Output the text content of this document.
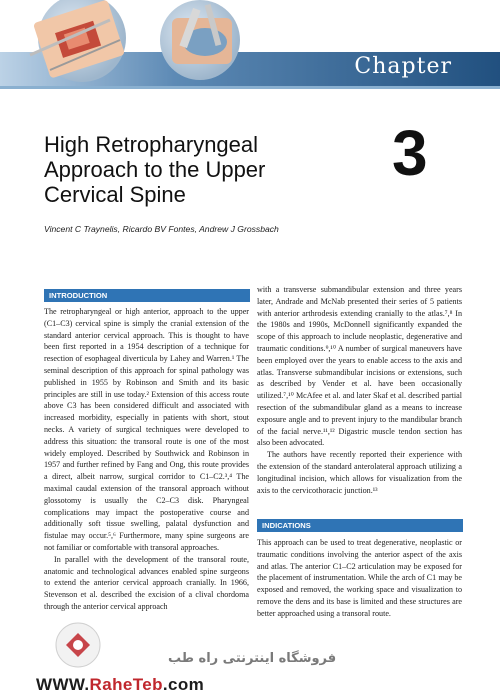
Chapter
High Retropharyngeal
Approach to the Upper
Cervical Spine
3
Vincent C Traynelis, Ricardo BV Fontes, Andrew J Grossbach
INTRODUCTION

The retropharyngeal or high anterior, approach to the upper (C1–C3) cervical spine is simply the cranial extension of the standard anterior cervical approach. This is thought to have been first reported in a 1954 description of a technique for resection of esophageal diverticula by Lahey and Warren.¹ The seminal description of this approach for spinal pathology was published in 1955 by Robinson and Smith and its basic principles are still in use today.² Extension of this access route above C3 has been considered difficult and associated with increased morbidity, especially in patients with short, stout necks. A variety of surgical techniques were developed to address this situation: the transoral route is one of the most widely employed. Described by Southwick and Robinson in 1957 and further refined by Fang and Ong, this route provides a direct, albeit narrow, surgical corridor to C1–C2.³,⁴ The maximal caudal extension of the transoral approach without glossotomy is usually the C2–C3 disk. Pharyngeal complications may impact the postoperative course and additionally soft tissue swelling, palatal dysfunction and fistulae may occur.⁵,⁶ Furthermore, many spine surgeons are not familiar or comfortable with transoral approaches.

In parallel with the development of the transoral route, anatomic and technological advances enabled spine surgeons to extend the anterior cervical approach cranially. In 1966, Stevenson et al. described the excision of a clival chordoma through the anterior cervical approach

with a transverse submandibular extension and three years later, Andrade and McNab presented their series of 5 patients with anterior arthrodesis extending cranially to the atlas.⁷,⁸ In the 1980s and 1990s, McDonnell significantly expanded the scope of this approach to include neoplastic, degenerative and traumatic conditions.⁹,¹⁰ A number of surgical maneuvers have been employed over the years to enable access to the axis and atlas. Transverse submandibular incisions or extensions, such as described by Vender et al. have been occasionally utilized.⁷,¹⁰ McAfee et al. and later Skaf et al. described partial resection of the submandibular gland as a means to increase exposure angle and to prevent injury to the mandibular branch of the facial nerve.¹¹,¹² Digastric muscle tendon section has also been advocated.

The authors have recently reported their experience with the extension of the standard anterolateral approach utilizing a longitudinal incision, which allows for visualization from the axis to the cervicothoracic junction.¹³

INDICATIONS

This approach can be used to treat degenerative, neoplastic or traumatic conditions involving the anterior aspect of the axis and atlas. The anterior C1–C2 articulation may be exposed for the placement of instrumentation. While the arch of C1 may be exposed and removed, the working space and visualization to remove the dens and its base is limited and these structures are better approached using a transoral route.

فروشگاه اینترنتی راه طب
WWW.RaheTeb.com
